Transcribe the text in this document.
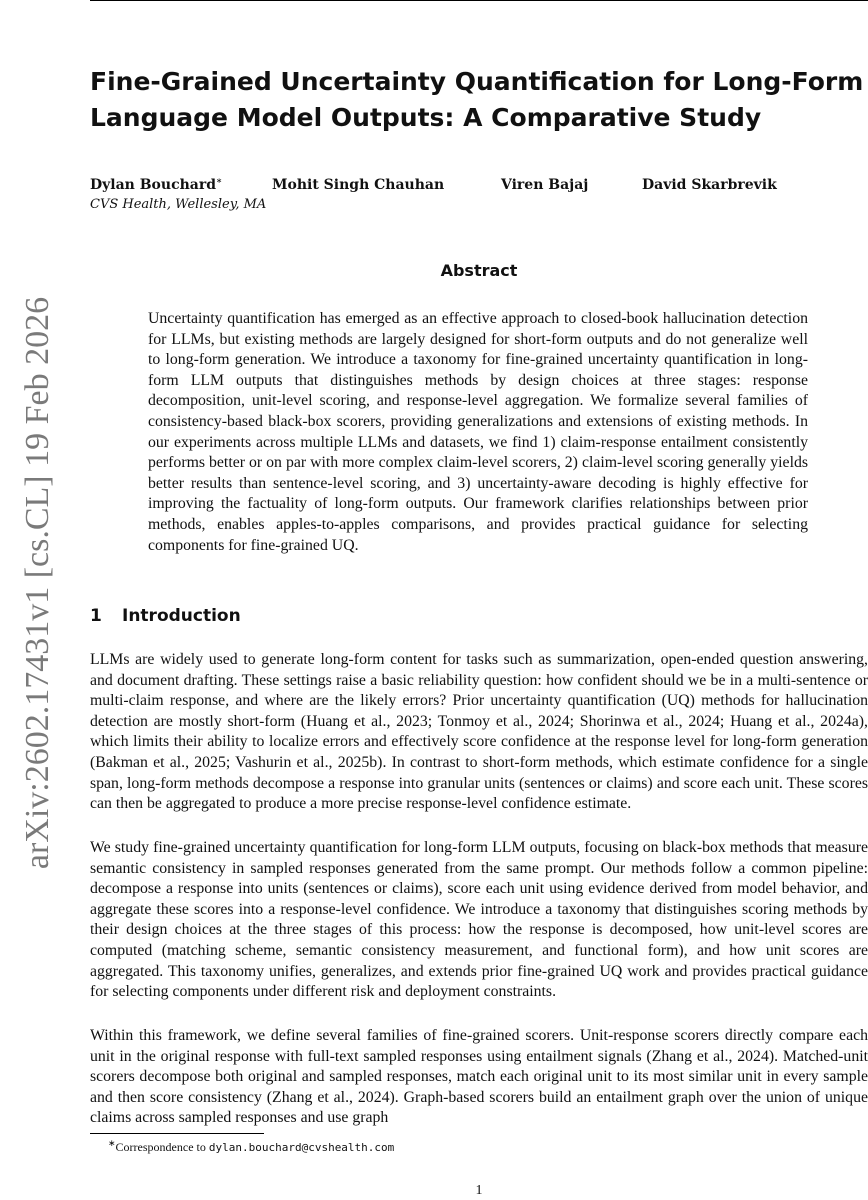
arXiv:2602.17431v1 [cs.CL] 19 Feb 2026
Fine-Grained Uncertainty Quantification for Long-Form Language Model Outputs: A Comparative Study
Dylan Bouchard∗	Mohit Singh Chauhan	Viren Bajaj	David Skarbrevik
CVS Health, Wellesley, MA
Abstract

Uncertainty quantification has emerged as an effective approach to closed-book hallucination detection for LLMs, but existing methods are largely designed for short-form outputs and do not generalize well to long-form generation. We introduce a taxonomy for fine-grained uncertainty quantification in long-form LLM outputs that distinguishes methods by design choices at three stages: response decomposition, unit-level scoring, and response-level aggregation. We formalize several families of consistency-based black-box scorers, providing generalizations and extensions of existing methods. In our experiments across multiple LLMs and datasets, we find 1) claim-response entailment consistently performs better or on par with more complex claim-level scorers, 2) claim-level scoring generally yields better results than sentence-level scoring, and 3) uncertainty-aware decoding is highly effective for improving the factuality of long-form outputs. Our framework clarifies relationships between prior methods, enables apples-to-apples comparisons, and provides practical guidance for selecting components for fine-grained UQ.

1 Introduction

LLMs are widely used to generate long-form content for tasks such as summarization, open-ended question answering, and document drafting. These settings raise a basic reliability question: how confident should we be in a multi-sentence or multi-claim response, and where are the likely errors? Prior uncertainty quantification (UQ) methods for hallucination detection are mostly short-form (Huang et al., 2023; Tonmoy et al., 2024; Shorinwa et al., 2024; Huang et al., 2024a), which limits their ability to localize errors and effectively score confidence at the response level for long-form generation (Bakman et al., 2025; Vashurin et al., 2025b). In contrast to short-form methods, which estimate confidence for a single span, long-form methods decompose a response into granular units (sentences or claims) and score each unit. These scores can then be aggregated to produce a more precise response-level confidence estimate.

We study fine-grained uncertainty quantification for long-form LLM outputs, focusing on black-box methods that measure semantic consistency in sampled responses generated from the same prompt. Our methods follow a common pipeline: decompose a response into units (sentences or claims), score each unit using evidence derived from model behavior, and aggregate these scores into a response-level confidence. We introduce a taxonomy that distinguishes scoring methods by their design choices at the three stages of this process: how the response is decomposed, how unit-level scores are computed (matching scheme, semantic consistency measurement, and functional form), and how unit scores are aggregated. This taxonomy unifies, generalizes, and extends prior fine-grained UQ work and provides practical guidance for selecting components under different risk and deployment constraints.

Within this framework, we define several families of fine-grained scorers. Unit-response scorers directly compare each unit in the original response with full-text sampled responses using entailment signals (Zhang et al., 2024). Matched-unit scorers decompose both original and sampled responses, match each original unit to its most similar unit in every sample and then score consistency (Zhang et al., 2024). Graph-based scorers build an entailment graph over the union of unique claims across sampled responses and use graph

∗Correspondence to dylan.bouchard@cvshealth.com
1
